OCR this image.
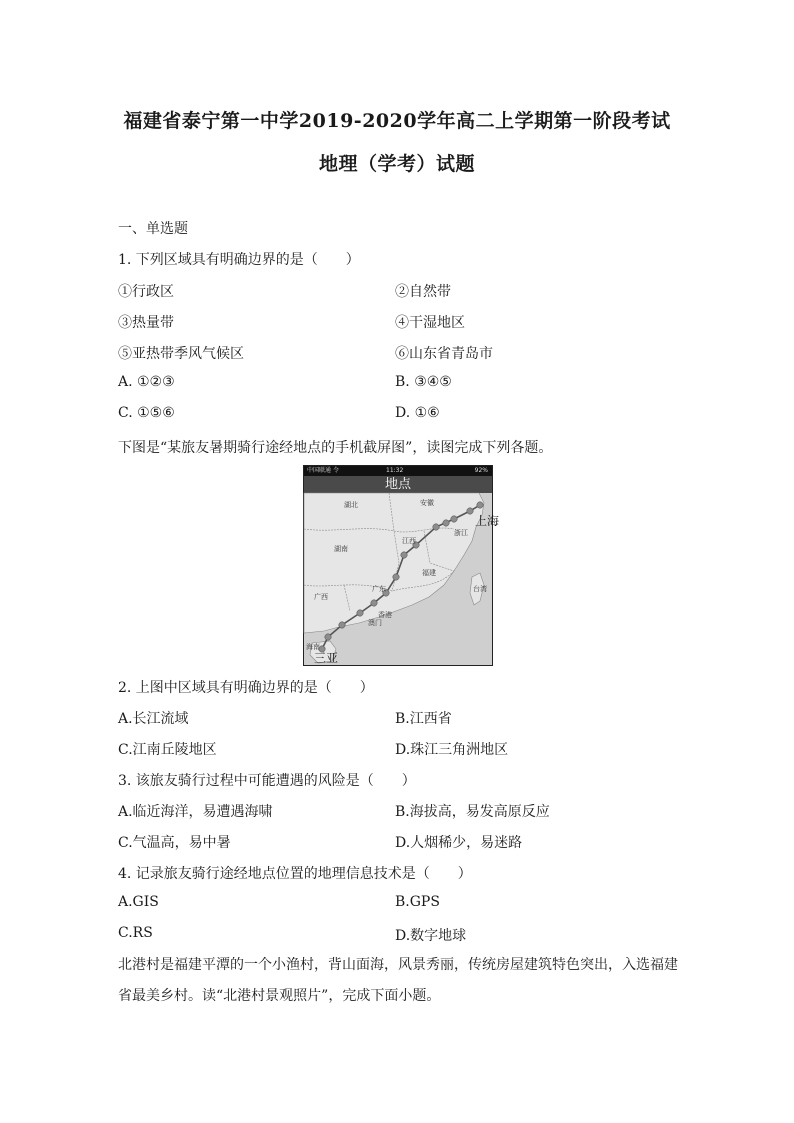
福建省泰宁第一中学2019-2020学年高二上学期第一阶段考试
地理（学考）试题
一、单选题
1. 下列区域具有明确边界的是（　　）
①行政区	②自然带
③热量带	④干湿地区
⑤亚热带季风气候区	⑥山东省青岛市
A. ①②③	B. ③④⑤
C. ①⑤⑥	D. ①⑥
下图是“某旅友暑期骑行途经地点的手机截屏图”，读图完成下列各题。
中国联通 令	11:32	92%
地点
湖北	安徽
浙江
湖南
江西
福建
广东
广西
台湾
海南
香港
澳门
上海
三亚
2. 上图中区域具有明确边界的是（　　）
A.长江流域	B.江西省
C.江南丘陵地区	D.珠江三角洲地区
3. 该旅友骑行过程中可能遭遇的风险是（　　）
A.临近海洋，易遭遇海啸	B.海拔高，易发高原反应
C.气温高，易中暑	D.人烟稀少，易迷路
4. 记录旅友骑行途经地点位置的地理信息技术是（　　）
A.GIS	B.GPS
C.RS	D.数字地球
北港村是福建平潭的一个小渔村，背山面海，风景秀丽，传统房屋建筑特色突出，入选福建省最美乡村。读“北港村景观照片”，完成下面小题。
